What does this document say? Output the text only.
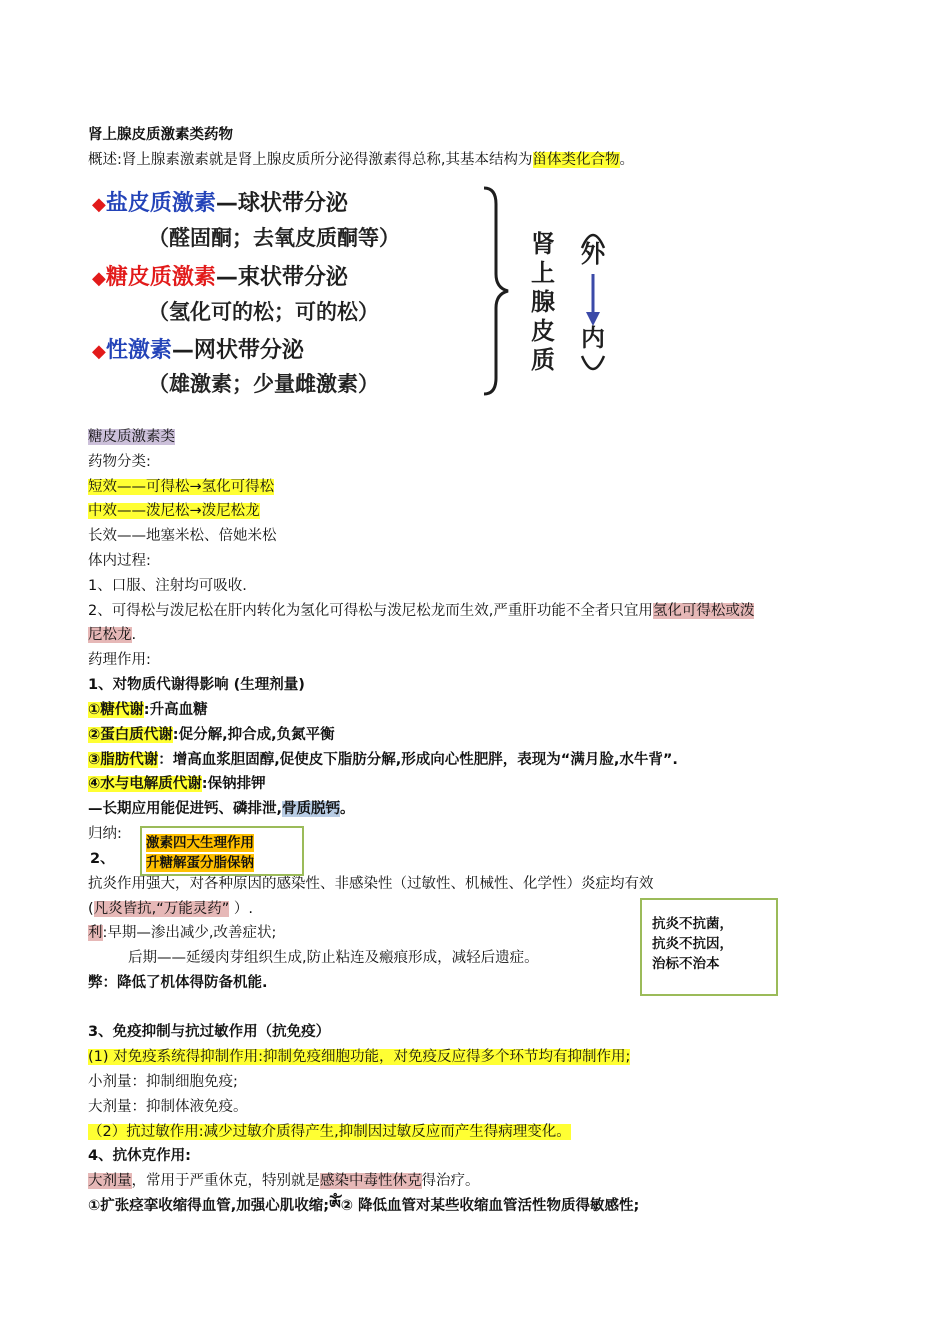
肾上腺皮质激素类药物
概述:肾上腺素激素就是肾上腺皮质所分泌得激素得总称,其基本结构为甾体类化合物。
◆盐皮质激素—球状带分泌
（醛固酮；去氧皮质酮等）
◆糖皮质激素—束状带分泌
（氢化可的松；可的松）
◆性激素—网状带分泌
（雄激素；少量雌激素）
肾
上
腺
皮
质
外
内
糖皮质激素类
药物分类:
短效——可得松→氢化可得松
中效——泼尼松→泼尼松龙
长效——地塞米松、倍她米松
体内过程:
1、口服、注射均可吸收.
2、可得松与泼尼松在肝内转化为氢化可得松与泼尼松龙而生效,严重肝功能不全者只宜用氢化可得松或泼
尼松龙.
药理作用:
1、对物质代谢得影响 (生理剂量)
①糖代谢:升高血糖
②蛋白质代谢:促分解,抑合成,负氮平衡
③脂肪代谢：增高血浆胆固醇,促使皮下脂肪分解,形成向心性肥胖，表现为“满月脸,水牛背”.
④水与电解质代谢:保钠排钾
—长期应用能促进钙、磷排泄,骨质脱钙。
归纳:
2、
抗炎作用强大，对各种原因的感染性、非感染性（过敏性、机械性、化学性）炎症均有效
(凡炎皆抗,“万能灵药” ）.
利:早期—渗出减少,改善症状;
后期——延缓肉芽组织生成,防止粘连及瘢痕形成，减轻后遗症。
弊：降低了机体得防备机能.
3、免疫抑制与抗过敏作用（抗免疫）
(1) 对免疫系统得抑制作用:抑制免疫细胞功能，对免疫反应得多个环节均有抑制作用;
小剂量：抑制细胞免疫;
大剂量：抑制体液免疫。
（2）抗过敏作用:减少过敏介质得产生,抑制因过敏反应而产生得病理变化。
4、抗休克作用:
大剂量，常用于严重休克，特别就是感染中毒性休克得治疗。
①扩张痉挛收缩得血管,加强心肌收缩;ༀ② 降低血管对某些收缩血管活性物质得敏感性;
激素四大生理作用
升糖解蛋分脂保钠
抗炎不抗菌，
抗炎不抗因，
治标不治本
